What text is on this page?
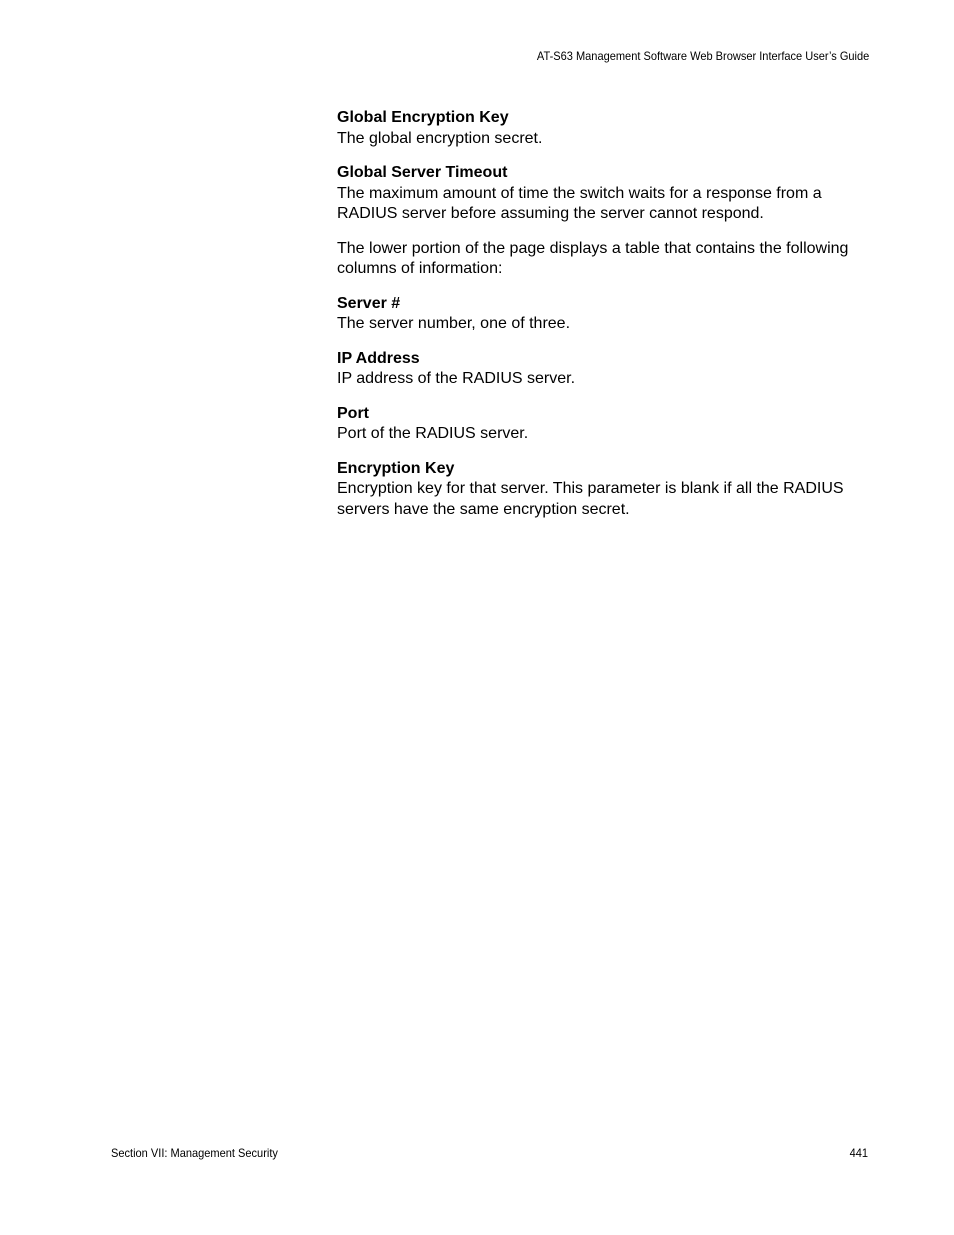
AT-S63 Management Software Web Browser Interface User’s Guide
Global Encryption Key
The global encryption secret.
Global Server Timeout
The maximum amount of time the switch waits for a response from a RADIUS server before assuming the server cannot respond.
The lower portion of the page displays a table that contains the following columns of information:
Server #
The server number, one of three.
IP Address
IP address of the RADIUS server.
Port
Port of the RADIUS server.
Encryption Key
Encryption key for that server. This parameter is blank if all the RADIUS servers have the same encryption secret.
Section VII: Management Security	441
